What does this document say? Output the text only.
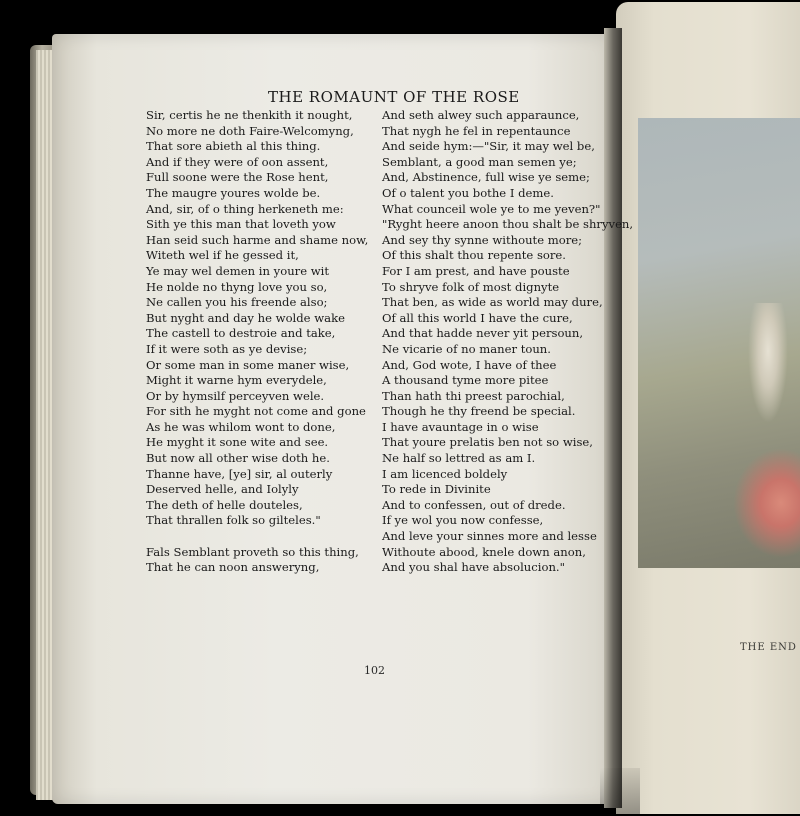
THE END
THE ROMAUNT OF THE ROSE
Sir, certis he ne thenkith it nought,
No more ne doth Faire-Welcomyng,
That sore abieth al this thing.
And if they were of oon assent,
Full soone were the Rose hent,
The maugre youres wolde be.
And, sir, of o thing herkeneth me:
Sith ye this man that loveth yow
Han seid such harme and shame now,
Witeth wel if he gessed it,
Ye may wel demen in youre wit
He nolde no thyng love you so,
Ne callen you his freende also;
But nyght and day he wolde wake
The castell to destroie and take,
If it were soth as ye devise;
Or some man in some maner wise,
Might it warne hym everydele,
Or by hymsilf perceyven wele.
For sith he myght not come and gone
As he was whilom wont to done,
He myght it sone wite and see.
But now all other wise doth he.
Thanne have, [ye] sir, al outerly
Deserved helle, and Iolyly
The deth of helle douteles,
That thrallen folk so gilteles."
Fals Semblant proveth so this thing,
That he can noon answeryng,
And seth alwey such apparaunce,
That nygh he fel in repentaunce
And seide hym:—"Sir, it may wel be,
Semblant, a good man semen ye;
And, Abstinence, full wise ye seme;
Of o talent you bothe I deme.
What counceil wole ye to me yeven?"
"Ryght heere anoon thou shalt be shryven,
And sey thy synne withoute more;
Of this shalt thou repente sore.
For I am prest, and have pouste
To shryve folk of most dignyte
That ben, as wide as world may dure,
Of all this world I have the cure,
And that hadde never yit persoun,
Ne vicarie of no maner toun.
And, God wote, I have of thee
A thousand tyme more pitee
Than hath thi preest parochial,
Though he thy freend be special.
I have avauntage in o wise
That youre prelatis ben not so wise,
Ne half so lettred as am I.
I am licenced boldely
To rede in Divinite
And to confessen, out of drede.
If ye wol you now confesse,
And leve your sinnes more and lesse
Withoute abood, knele down anon,
And you shal have absolucion."
102
